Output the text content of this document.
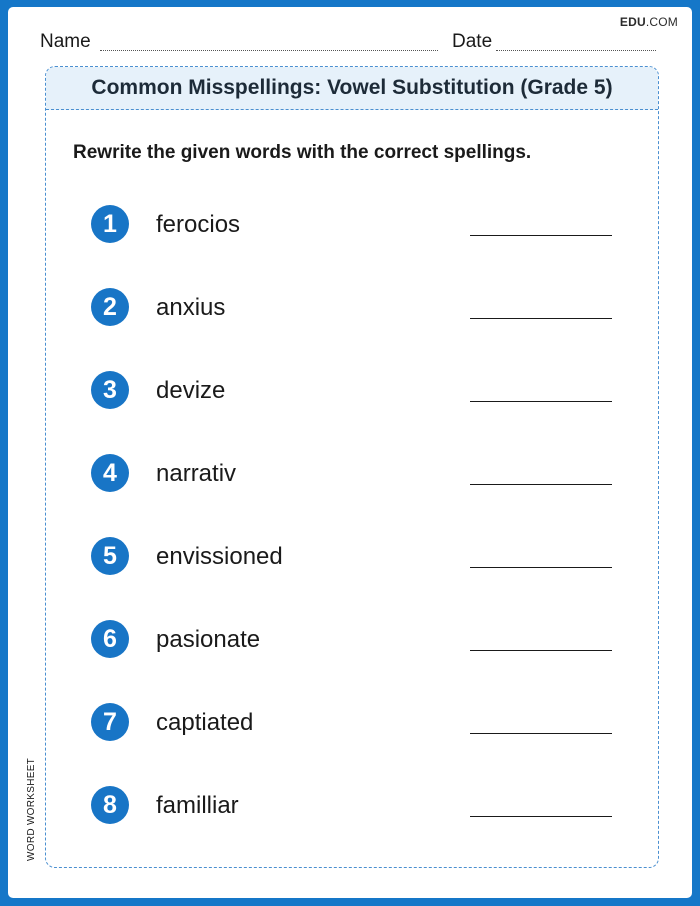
EDU.COM
Name	Date
Common Misspellings: Vowel Substitution (Grade 5)
Rewrite the given words with the correct spellings.
1	ferocios
2	anxius
3	devize
4	narrativ
5	envissioned
6	pasionate
7	captiated
8	familliar
WORD WORKSHEET
